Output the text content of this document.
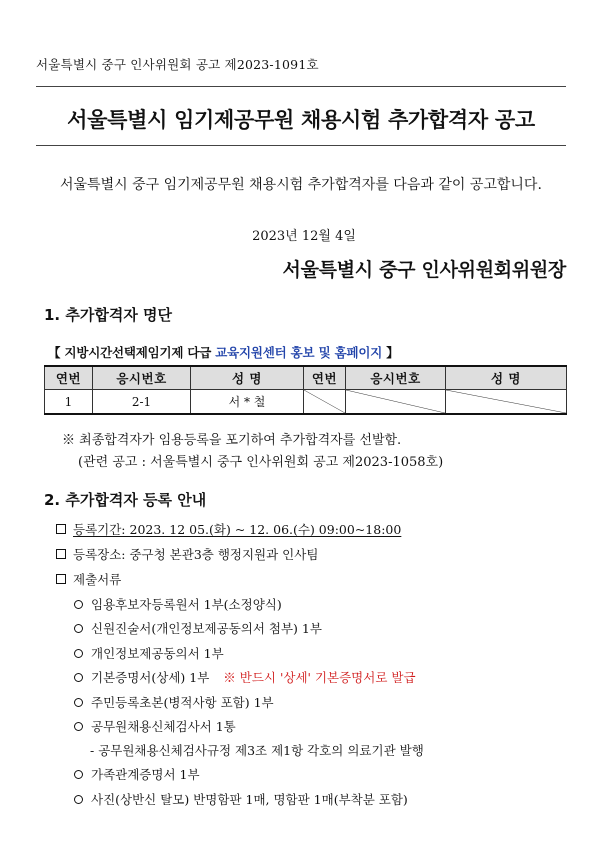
서울특별시 중구 인사위원회 공고 제2023-1091호
서울특별시 임기제공무원 채용시험 추가합격자 공고
서울특별시 중구 임기제공무원 채용시험 추가합격자를 다음과 같이 공고합니다.
2023년 12월 4일
서울특별시 중구 인사위원회위원장
1. 추가합격자 명단
【 지방시간선택제임기제 다급 교육지원센터 홍보 및 홈페이지 】
연번	응시번호	성 명	연번	응시번호	성 명
1	2-1	서 * 철			
※ 최종합격자가 임용등록을 포기하여 추가합격자를 선발함.
(관련 공고 : 서울특별시 중구 인사위원회 공고 제2023-1058호)
2. 추가합격자 등록 안내
등록기간: 2023. 12 05.(화) ~ 12. 06.(수) 09:00~18:00
등록장소: 중구청 본관3층 행정지원과 인사팀
제출서류
임용후보자등록원서 1부(소정양식)
신원진술서(개인정보제공동의서 첨부) 1부
개인정보제공동의서 1부
기본증명서(상세) 1부 ※ 반드시 '상세' 기본증명서로 발급
주민등록초본(병적사항 포함) 1부
공무원채용신체검사서 1통
- 공무원채용신체검사규정 제3조 제1항 각호의 의료기관 발행
가족관계증명서 1부
사진(상반신 탈모) 반명함판 1매, 명함판 1매(부착분 포함)
